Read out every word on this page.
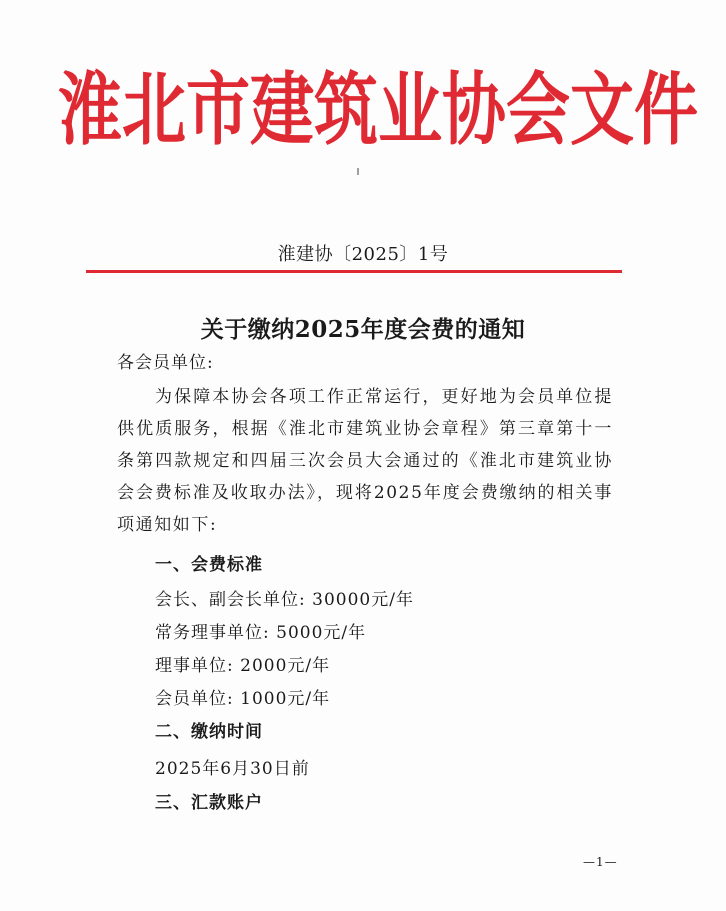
淮北市建筑业协会文件
淮建协〔2025〕1号
关于缴纳2025年度会费的通知
各会员单位:

为保障本协会各项工作正常运行，更好地为会员单位提供优质服务，根据《淮北市建筑业协会章程》第三章第十一条第四款规定和四届三次会员大会通过的《淮北市建筑业协会会费标准及收取办法》，现将2025年度会费缴纳的相关事项通知如下:

一、会费标准
会长、副会长单位: 30000元/年
常务理事单位: 5000元/年
理事单位: 2000元/年
会员单位: 1000元/年
二、缴纳时间
2025年6月30日前
三、汇款账户
—1—
